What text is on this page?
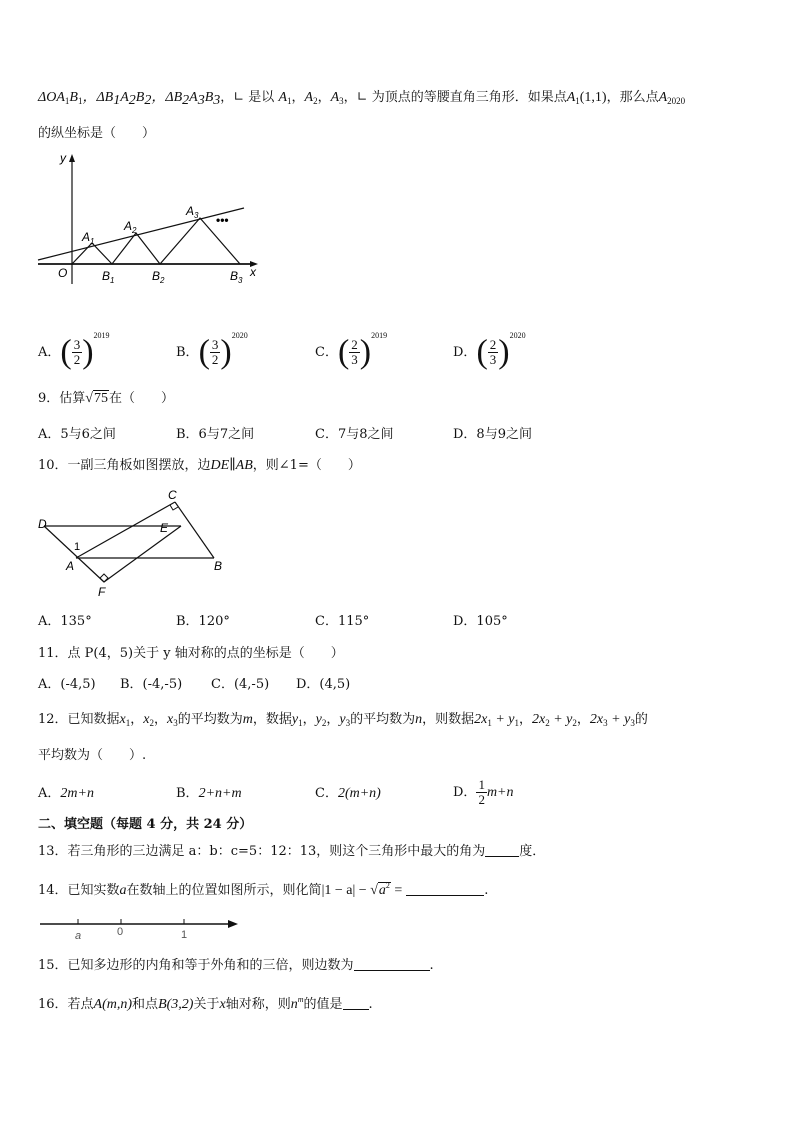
$\Delta OA_1B_1$，$\Delta B_1A_2B_2$，$\Delta B_2A_3B_3$，∟ 是以 $A_1$，$A_2$，$A_3$，∟ 为顶点的等腰直角三角形．如果点$A_1(1,1)$，那么点$A_{2020}$
的纵坐标是（　　）
y
x
O
A 1
A 2
A 3
B 1	B 2	B 3
•••
A．( $\frac{3}{2} )^{2019}$
B．( $\frac{3}{2} )^{2020}$
C．( $\frac{2}{3} )^{2019}$
D．( $\frac{2}{3} )^{2020}$
9．估算√75在（　　）
A．5与6之间	B．6与7之间	C．7与8之间	D．8与9之间
10．一副三角板如图摆放，边DE∥AB，则∠1=（　　）
C
D	E
1
A	B
F
A．135°	B．120°	C．115°	D．105°
11．点 P(4，5)关于 y 轴对称的点的坐标是（　　）
A．(-4,5) B．(-4,-5) C．(4,-5) D．(4,5)
12．已知数据$x_1$，$x_2$，$x_3$的平均数为m，数据$y_1$，$y_2$，$y_3$的平均数为n，则数据$2x_1 + y_1$，$2x_2 + y_2$，$2x_3 + y_3$的
平均数为（　　）.
A．2m+n	B．2+n+m	C．2(m+n)	D． $\frac{1}{2} m+n$
二、填空题（每题 4 分，共 24 分）
13．若三角形的三边满足 a：b：c=5：12：13，则这个三角形中最大的角为	度．
14．已知实数a在数轴上的位置如图所示，则化简$|1 - a| - √a^2$ =	.
a	0	1
15．已知多边形的内角和等于外角和的三倍，则边数为	.
16．若点A(m,n)和点B(3,2)关于x轴对称，则$n^m$的值是 .
